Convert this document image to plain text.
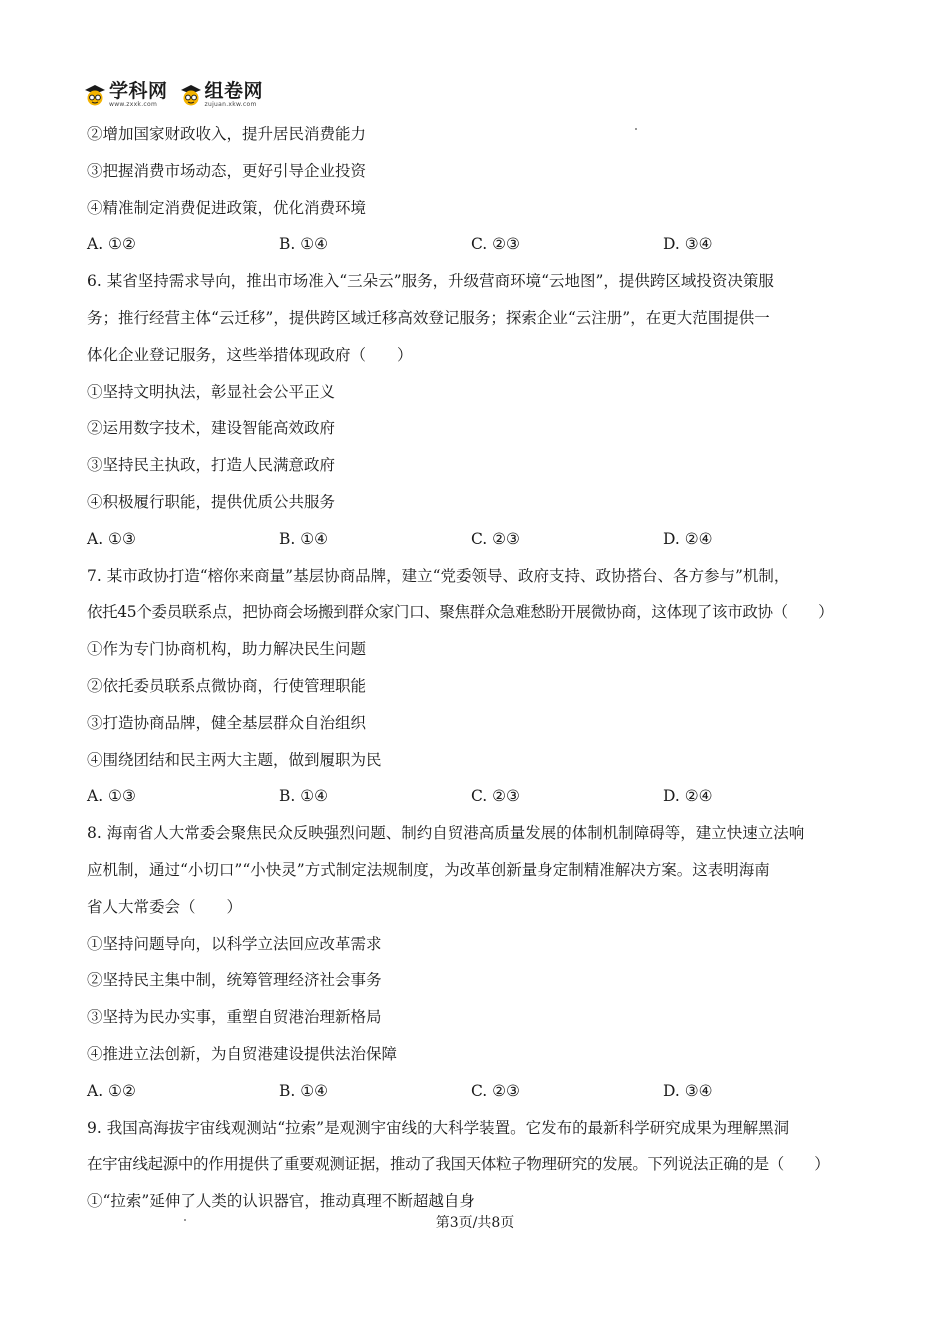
学科网
www.zxxk.com
组卷网
zujuan.xkw.com
②增加国家财政收入，提升居民消费能力
③把握消费市场动态，更好引导企业投资
④精准制定消费促进政策，优化消费环境
A. ①②	B. ①④	C. ②③	D. ③④
6. 某省坚持需求导向，推出市场准入“三朵云”服务，升级营商环境“云地图”，提供跨区域投资决策服
务；推行经营主体“云迁移”，提供跨区域迁移高效登记服务；探索企业“云注册”，在更大范围提供一
体化企业登记服务，这些举措体现政府（　　）
①坚持文明执法，彰显社会公平正义
②运用数字技术，建设智能高效政府
③坚持民主执政，打造人民满意政府
④积极履行职能，提供优质公共服务
A. ①③	B. ①④	C. ②③	D. ②④
7. 某市政协打造“榕你来商量”基层协商品牌，建立“党委领导、政府支持、政协搭台、各方参与”机制，
依托45个委员联系点，把协商会场搬到群众家门口、聚焦群众急难愁盼开展微协商，这体现了该市政协（　　）
①作为专门协商机构，助力解决民生问题
②依托委员联系点微协商，行使管理职能
③打造协商品牌，健全基层群众自治组织
④围绕团结和民主两大主题，做到履职为民
A. ①③	B. ①④	C. ②③	D. ②④
8. 海南省人大常委会聚焦民众反映强烈问题、制约自贸港高质量发展的体制机制障碍等，建立快速立法响
应机制，通过“小切口”“小快灵”方式制定法规制度，为改革创新量身定制精准解决方案。这表明海南
省人大常委会（　　）
①坚持问题导向，以科学立法回应改革需求
②坚持民主集中制，统筹管理经济社会事务
③坚持为民办实事，重塑自贸港治理新格局
④推进立法创新，为自贸港建设提供法治保障
A. ①②	B. ①④	C. ②③	D. ③④
9. 我国高海拔宇宙线观测站“拉索”是观测宇宙线的大科学装置。它发布的最新科学研究成果为理解黑洞
在宇宙线起源中的作用提供了重要观测证据，推动了我国天体粒子物理研究的发展。下列说法正确的是（　　）
①“拉索”延伸了人类的认识器官，推动真理不断超越自身
第3页/共8页
